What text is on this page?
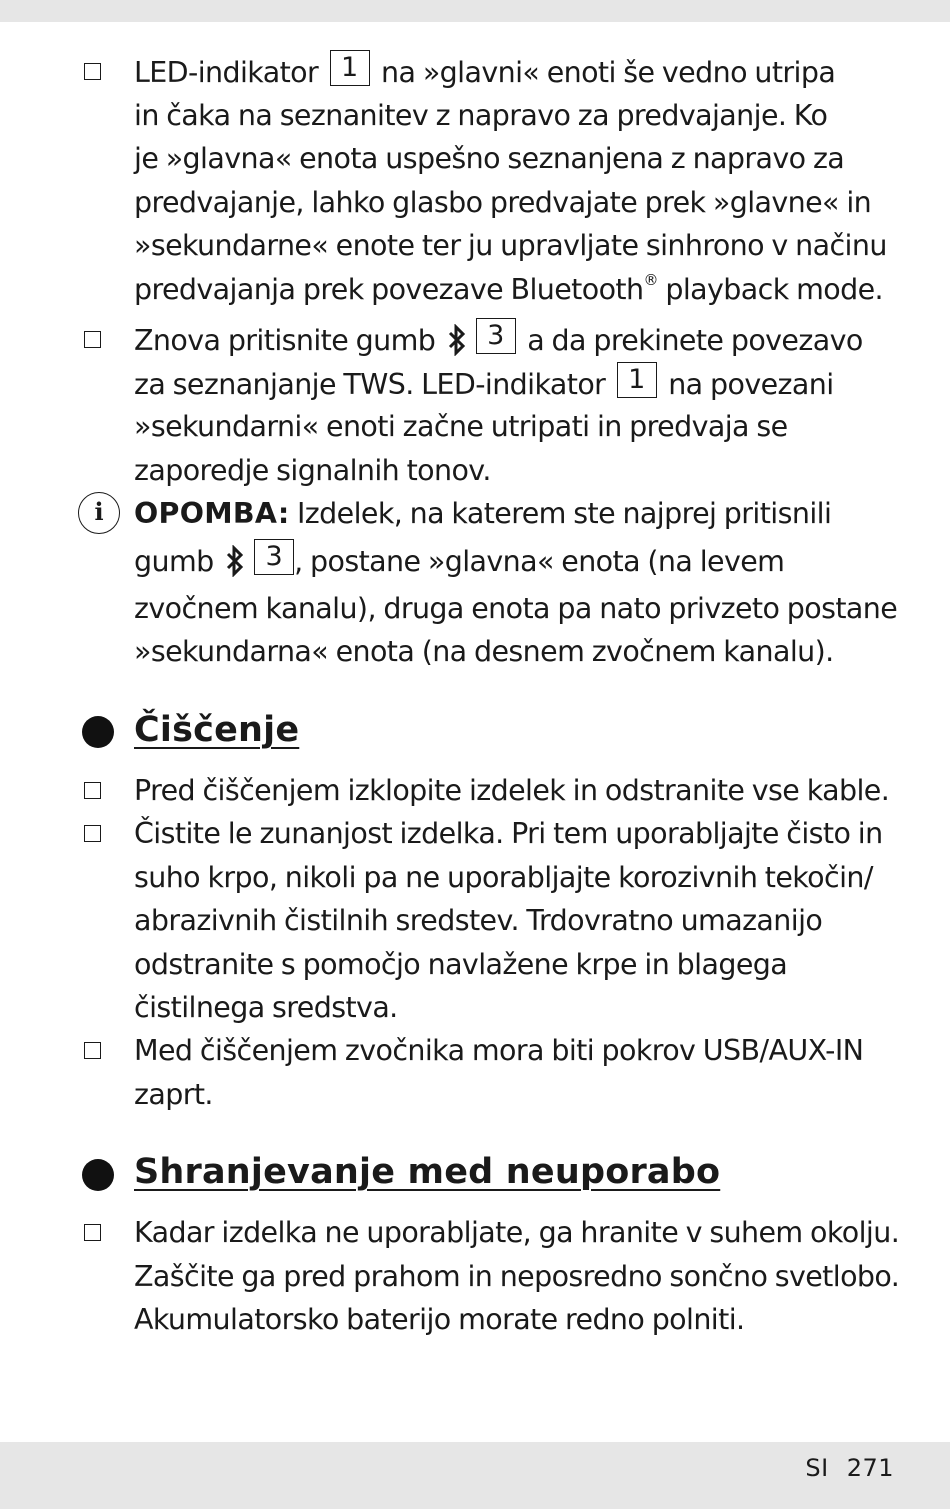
LED-indikator 1 na »glavni« enoti še vedno utripa
in čaka na seznanitev z napravo za predvajanje. Ko
je »glavna« enota uspešno seznanjena z napravo za
predvajanje, lahko glasbo predvajate prek »glavne« in
»sekundarne« enote ter ju upravljate sinhrono v načinu
predvajanja prek povezave Bluetooth® playback mode.
Znova pritisnite gumb 3 a da prekinete povezavo
za seznanjanje TWS. LED-indikator 1 na povezani
»sekundarni« enoti začne utripati in predvaja se
zaporedje signalnih tonov.
i	OPOMBA: Izdelek, na katerem ste najprej pritisnili
gumb 3 , postane »glavna« enota (na levem
zvočnem kanalu), druga enota pa nato privzeto postane
»sekundarna« enota (na desnem zvočnem kanalu).
Čiščenje
Pred čiščenjem izklopite izdelek in odstranite vse kable.
Čistite le zunanjost izdelka. Pri tem uporabljajte čisto in
suho krpo, nikoli pa ne uporabljajte korozivnih tekočin/
abrazivnih čistilnih sredstev. Trdovratno umazanijo
odstranite s pomočjo navlažene krpe in blagega
čistilnega sredstva.
Med čiščenjem zvočnika mora biti pokrov USB/AUX-IN
zaprt.
Shranjevanje med neuporabo
Kadar izdelka ne uporabljate, ga hranite v suhem okolju.
Zaščite ga pred prahom in neposredno sončno svetlobo.
Akumulatorsko baterijo morate redno polniti.
SI 271
